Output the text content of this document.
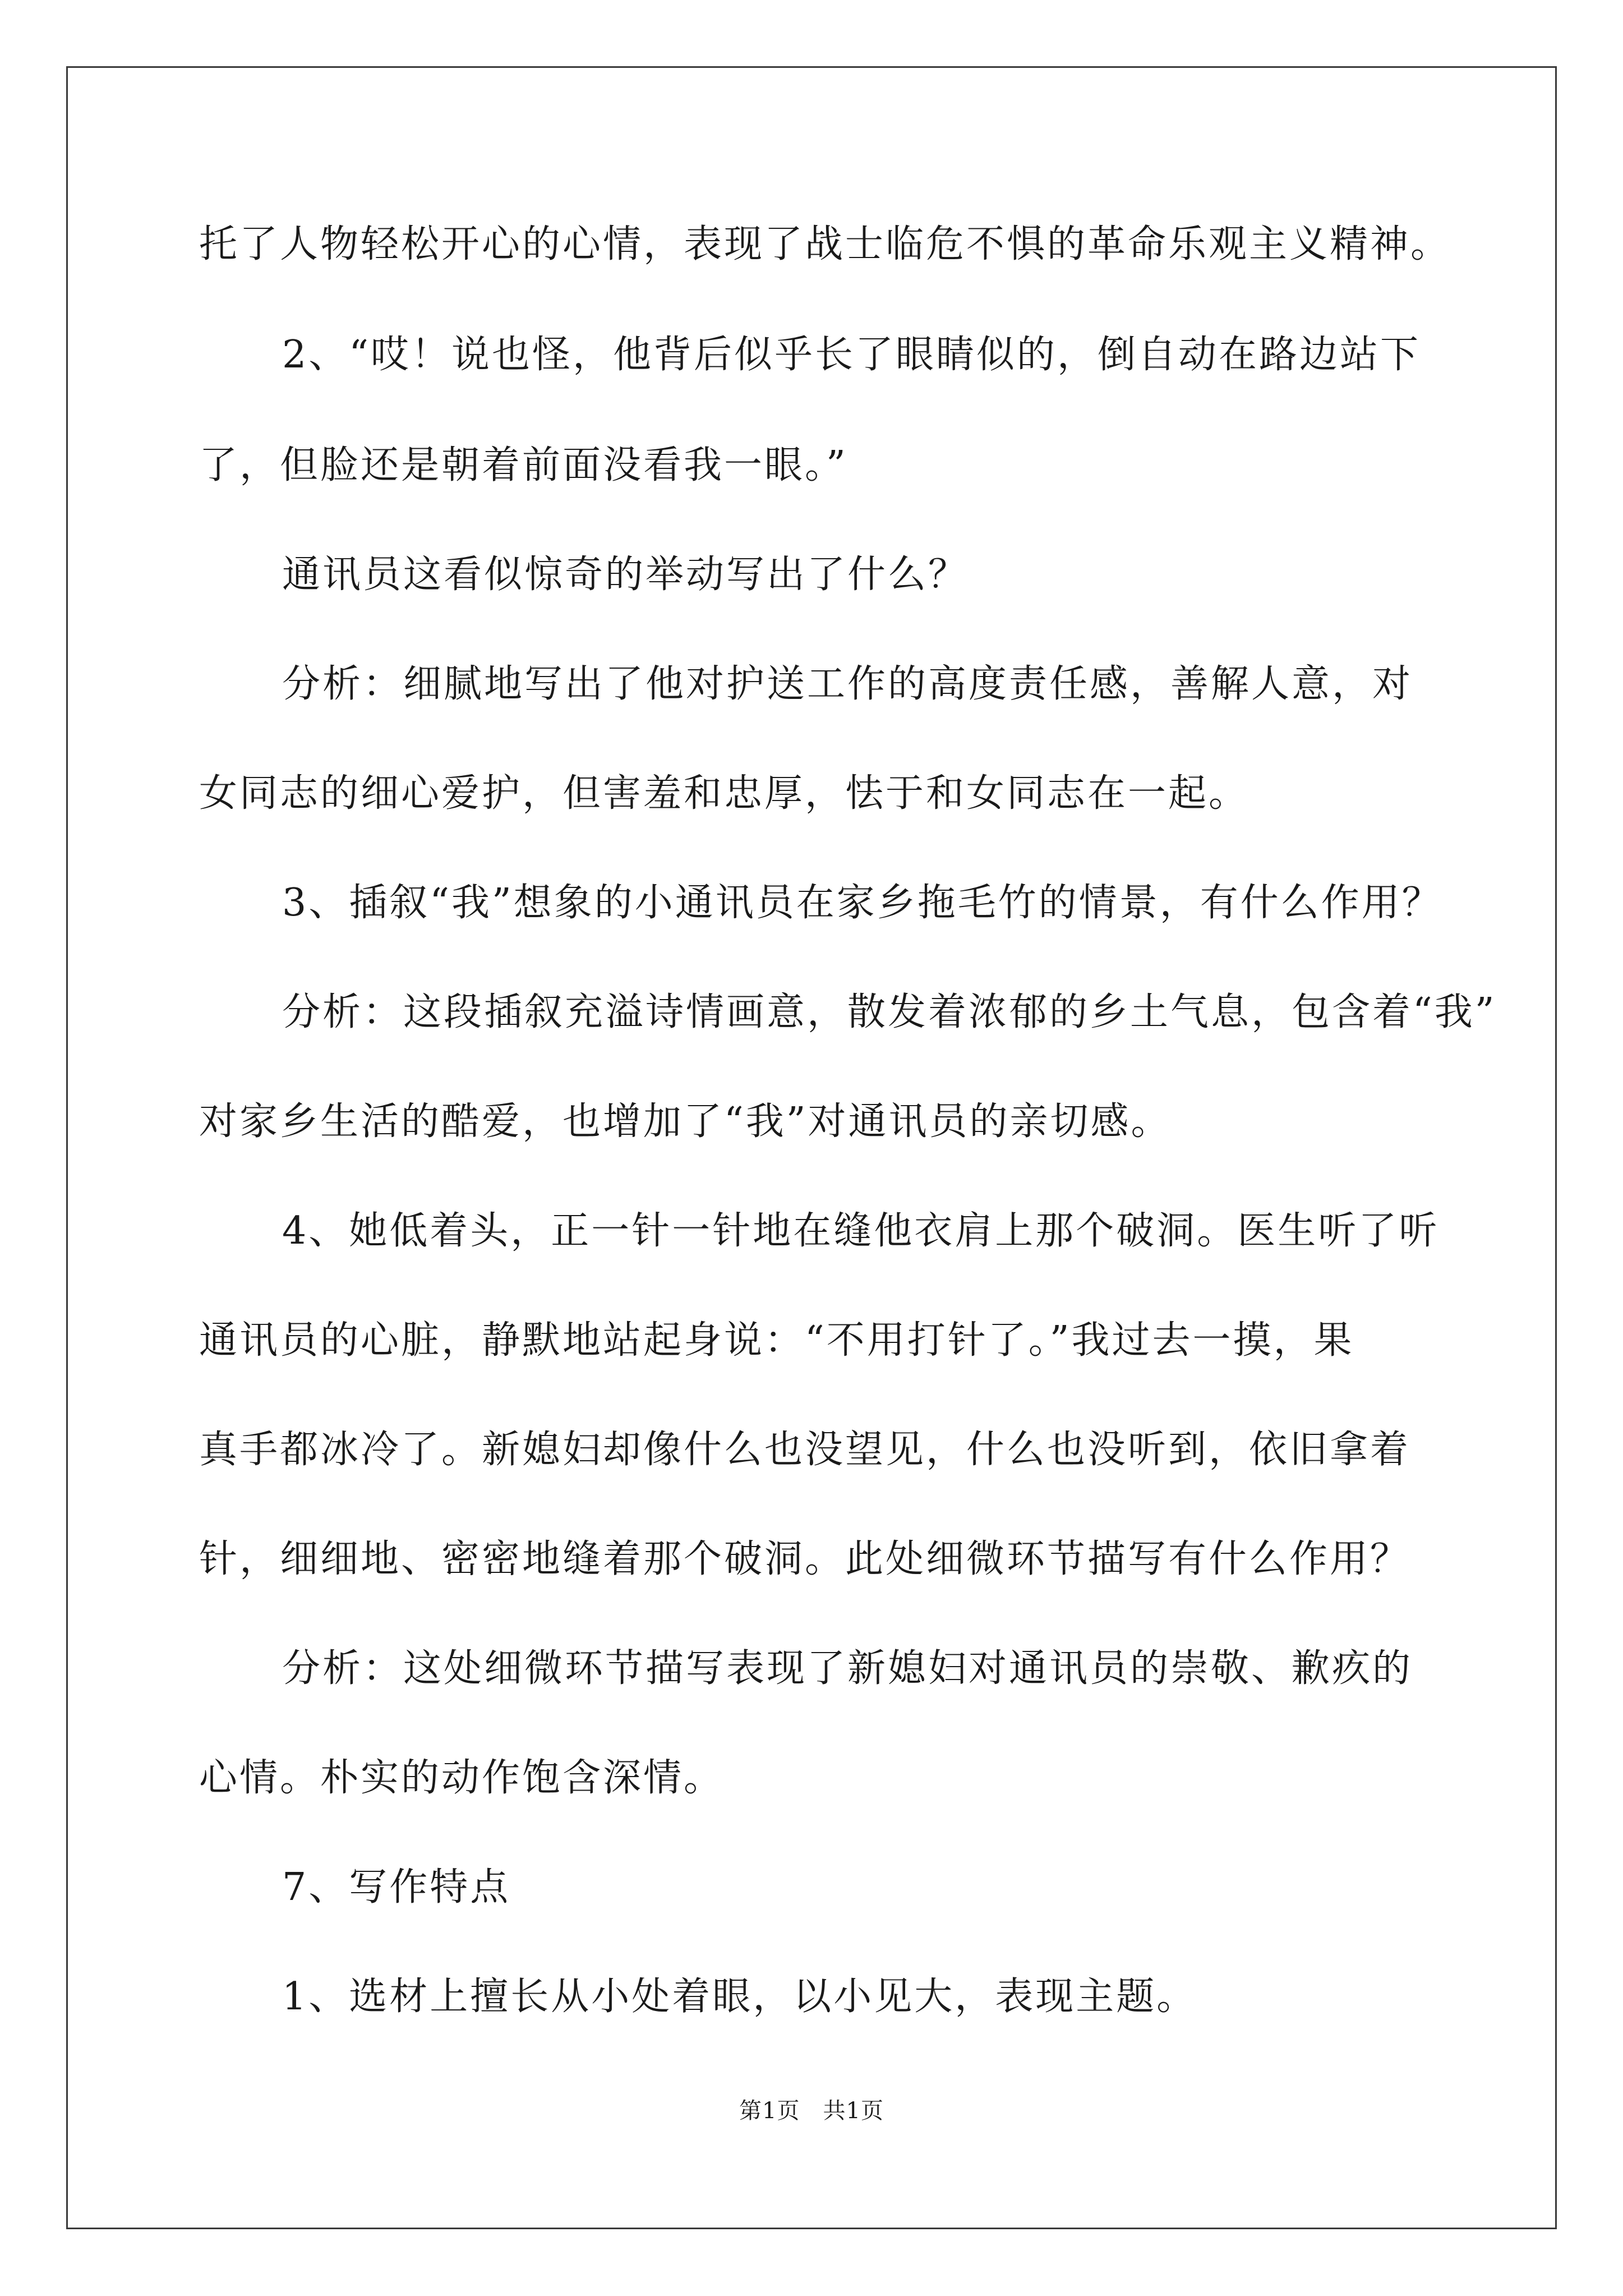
托了人物轻松开心的心情，表现了战士临危不惧的革命乐观主义精神。
2、“哎！说也怪，他背后似乎长了眼睛似的，倒自动在路边站下
了，但脸还是朝着前面没看我一眼。”
通讯员这看似惊奇的举动写出了什么？
分析：细腻地写出了他对护送工作的高度责任感，善解人意，对
女同志的细心爱护，但害羞和忠厚，怯于和女同志在一起。
3、插叙“我”想象的小通讯员在家乡拖毛竹的情景，有什么作用？
分析：这段插叙充溢诗情画意，散发着浓郁的乡土气息，包含着“我”
对家乡生活的酷爱，也增加了“我”对通讯员的亲切感。
4、她低着头，正一针一针地在缝他衣肩上那个破洞。医生听了听
通讯员的心脏，静默地站起身说：“不用打针了。”我过去一摸，果
真手都冰冷了。新媳妇却像什么也没望见，什么也没听到，依旧拿着
针，细细地、密密地缝着那个破洞。此处细微环节描写有什么作用？
分析：这处细微环节描写表现了新媳妇对通讯员的崇敬、歉疚的
心情。朴实的动作饱含深情。
7、写作特点
1、选材上擅长从小处着眼，以小见大，表现主题。
第1页　共1页
